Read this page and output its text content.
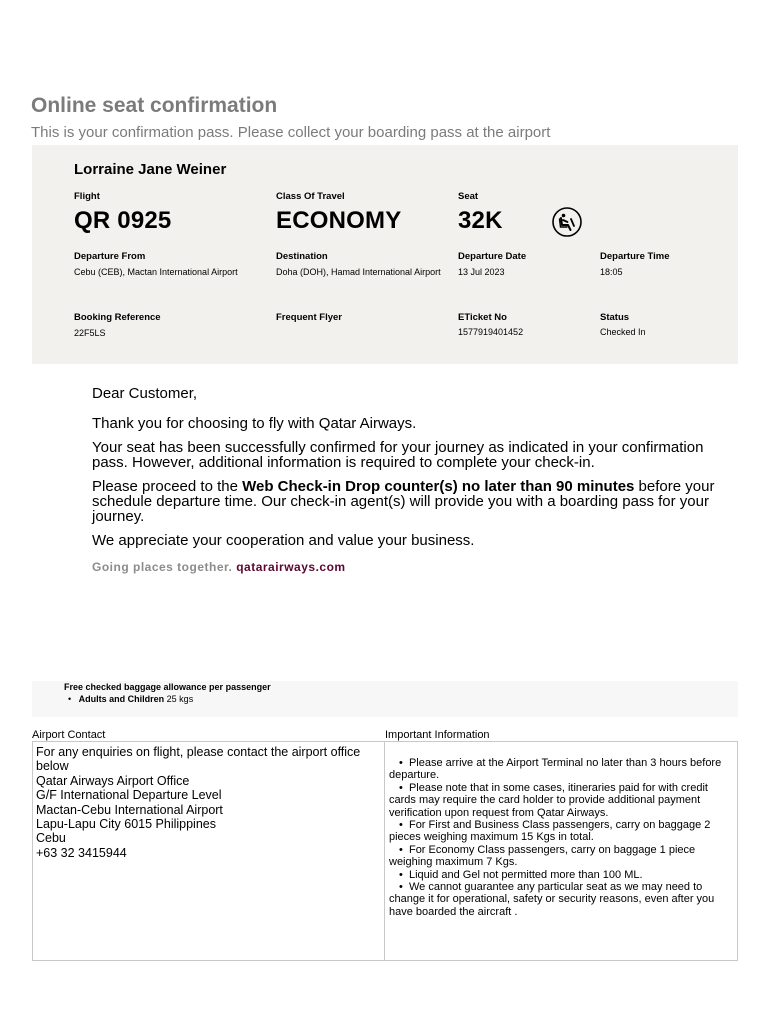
Online seat confirmation
This is your confirmation pass. Please collect your boarding pass at the airport
Lorraine Jane Weiner
Flight
QR 0925
Class Of Travel
ECONOMY
Seat
32K
Departure From
Cebu (CEB), Mactan International Airport
Destination
Doha (DOH), Hamad International Airport
Departure Date
13 Jul 2023
Departure Time
18:05
Booking Reference
22F5LS
Frequent Flyer	ETicket No
1577919401452
Status
Checked In

Dear Customer,

Thank you for choosing to fly with Qatar Airways.

Your seat has been successfully confirmed for your journey as indicated in your confirmation pass. However, additional information is required to complete your check-in.

Please proceed to the Web Check-in Drop counter(s) no later than 90 minutes before your schedule departure time. Our check-in agent(s) will provide you with a boarding pass for your journey.

We appreciate your cooperation and value your business.

Going places together. qatarairways.com
Free checked baggage allowance per passenger
•   Adults and Children 25 kgs
Airport Contact	Important Information
For any enquiries on flight, please contact the airport office below
Qatar Airways Airport Office
G/F International Departure Level
Mactan-Cebu International Airport
Lapu-Lapu City 6015 Philippines
Cebu
+63 32 3415944
•  Please arrive at the Airport Terminal no later than 3 hours before departure.
•  Please note that in some cases, itineraries paid for with credit cards may require the card holder to provide additional payment verification upon request from Qatar Airways.
•  For First and Business Class passengers, carry on baggage 2 pieces weighing maximum 15 Kgs in total.
•  For Economy Class passengers, carry on baggage 1 piece weighing maximum 7 Kgs.
•  Liquid and Gel not permitted more than 100 ML.
•  We cannot guarantee any particular seat as we may need to change it for operational, safety or security reasons, even after you have boarded the aircraft .
